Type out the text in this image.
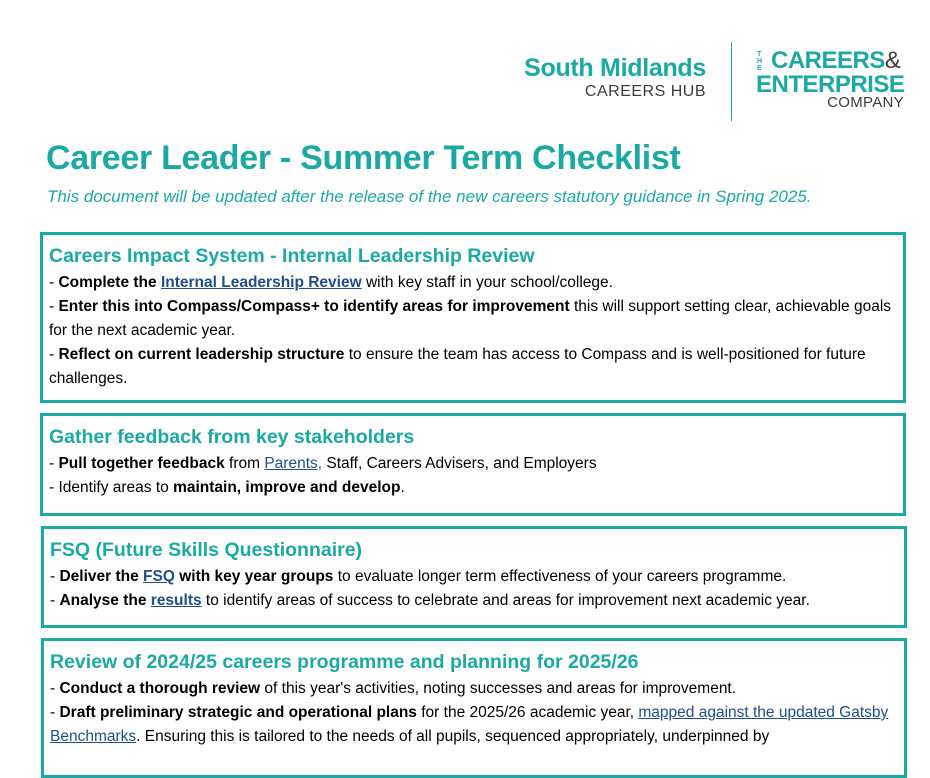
South Midlands
CAREERS HUB
THE CAREERS&
ENTERPRISE
COMPANY
Career Leader - Summer Term Checklist

This document will be updated after the release of the new careers statutory guidance in Spring 2025.

Careers Impact System - Internal Leadership Review

- Complete the Internal Leadership Review with key staff in your school/college.

- Enter this into Compass/Compass+ to identify areas for improvement this will support setting clear, achievable goals for the next academic year.

- Reflect on current leadership structure to ensure the team has access to Compass and is well-positioned for future challenges.

Gather feedback from key stakeholders

- Pull together feedback from Parents, Staff, Careers Advisers, and Employers

- Identify areas to maintain, improve and develop.

FSQ (Future Skills Questionnaire)

- Deliver the FSQ with key year groups to evaluate longer term effectiveness of your careers programme.

- Analyse the results to identify areas of success to celebrate and areas for improvement next academic year.

Review of 2024/25 careers programme and planning for 2025/26

- Conduct a thorough review of this year's activities, noting successes and areas for improvement.

- Draft preliminary strategic and operational plans for the 2025/26 academic year, mapped against the updated Gatsby Benchmarks. Ensuring this is tailored to the needs of all pupils, sequenced appropriately, underpinned by
